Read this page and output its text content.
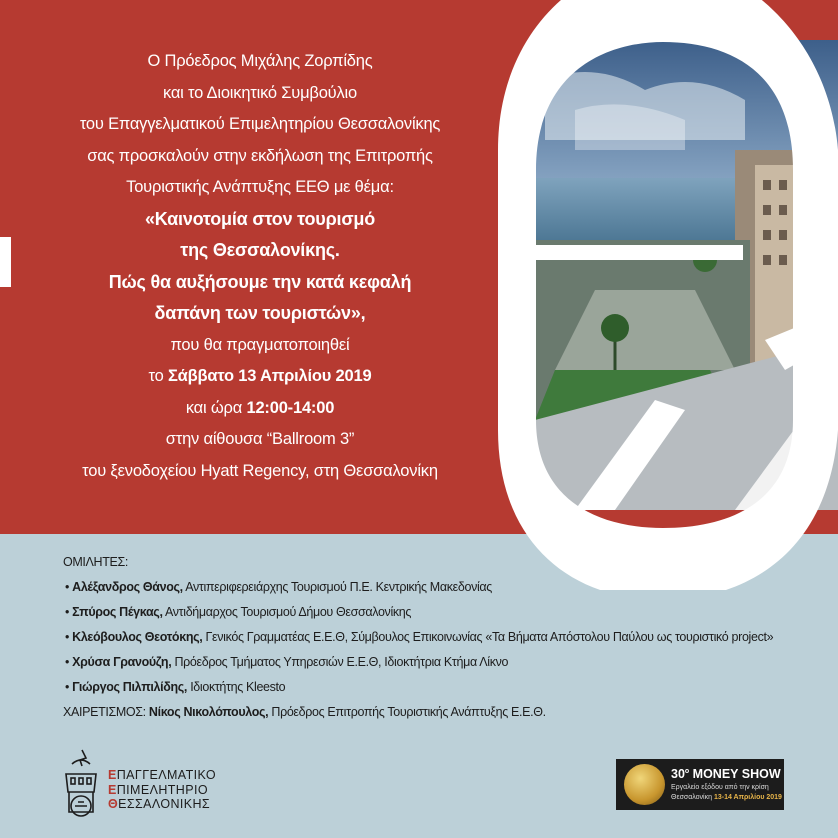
Ο Πρόεδρος Μιχάλης Ζορπίδης
και το Διοικητικό Συμβούλιο
του Επαγγελματικού Επιμελητηρίου Θεσσαλονίκης
σας προσκαλούν στην εκδήλωση της Επιτροπής
Τουριστικής Ανάπτυξης ΕΕΘ με θέμα:
«Καινοτομία στον τουρισμό
της Θεσσαλονίκης.
Πώς θα αυξήσουμε την κατά κεφαλή
δαπάνη των τουριστών»,
που θα πραγματοποιηθεί
το Σάββατο 13 Απριλίου 2019
και ώρα 12:00-14:00
στην αίθουσα “Ballroom 3”
του ξενοδοχείου Hyatt Regency, στη Θεσσαλονίκη
ΟΜΙΛΗΤΕΣ:
• Αλέξανδρος Θάνος, Αντιπεριφερειάρχης Τουρισμού Π.Ε. Κεντρικής Μακεδονίας
• Σπύρος Πέγκας, Αντιδήμαρχος Τουρισμού Δήμου Θεσσαλονίκης
• Κλεόβουλος Θεοτόκης, Γενικός Γραμματέας Ε.Ε.Θ, Σύμβουλος Επικοινωνίας «Τα Βήματα Απόστολου Παύλου ως τουριστικό project»
• Χρύσα Γρανούζη, Πρόεδρος Τμήματος Υπηρεσιών Ε.Ε.Θ, Ιδιοκτήτρια Κτήμα Λίκνο
• Γιώργος Πιλπιλίδης, Ιδιοκτήτης Kleesto
ΧΑΙΡΕΤΙΣΜΟΣ: Νίκος Νικολόπουλος, Πρόεδρος Επιτροπής Τουριστικής Ανάπτυξης Ε.Ε.Θ.
ΕΠΑΓΓΕΛΜΑΤΙΚΟ
ΕΠΙΜΕΛΗΤΗΡΙΟ
ΘΕΣΣΑΛΟΝΙΚΗΣ
30$^o$ MONEY SHOW
Εργαλείο εξόδου από την κρίση
Θεσσαλονίκη 13-14 Απριλίου 2019
